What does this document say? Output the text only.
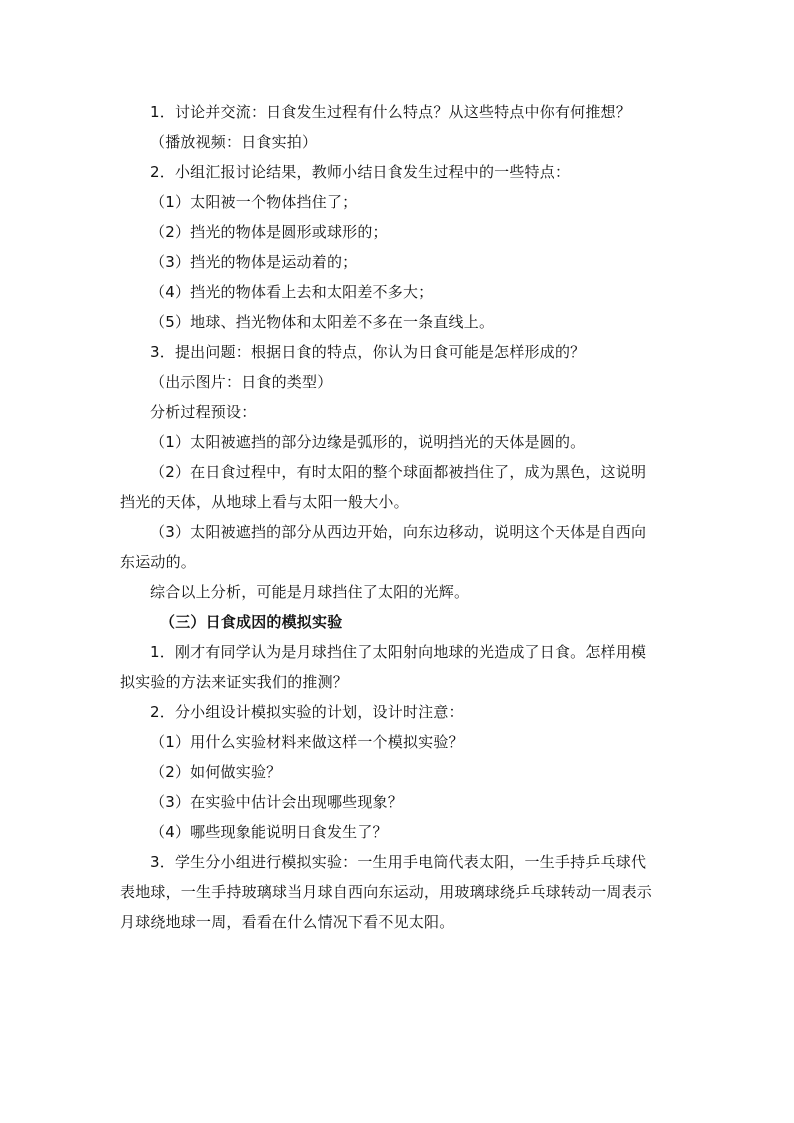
1．讨论并交流：日食发生过程有什么特点？从这些特点中你有何推想？

（播放视频：日食实拍）

2．小组汇报讨论结果，教师小结日食发生过程中的一些特点：

（1）太阳被一个物体挡住了；

（2）挡光的物体是圆形或球形的；

（3）挡光的物体是运动着的；

（4）挡光的物体看上去和太阳差不多大；

（5）地球、挡光物体和太阳差不多在一条直线上。

3．提出问题：根据日食的特点，你认为日食可能是怎样形成的？

（出示图片：日食的类型）

分析过程预设：

（1）太阳被遮挡的部分边缘是弧形的，说明挡光的天体是圆的。

（2）在日食过程中，有时太阳的整个球面都被挡住了，成为黑色，这说明

挡光的天体，从地球上看与太阳一般大小。

（3）太阳被遮挡的部分从西边开始，向东边移动，说明这个天体是自西向

东运动的。

综合以上分析，可能是月球挡住了太阳的光辉。

（三）日食成因的模拟实验

1．刚才有同学认为是月球挡住了太阳射向地球的光造成了日食。怎样用模

拟实验的方法来证实我们的推测？

2．分小组设计模拟实验的计划，设计时注意：

（1）用什么实验材料来做这样一个模拟实验？

（2）如何做实验？

（3）在实验中估计会出现哪些现象？

（4）哪些现象能说明日食发生了？

3．学生分小组进行模拟实验：一生用手电筒代表太阳，一生手持乒乓球代

表地球，一生手持玻璃球当月球自西向东运动，用玻璃球绕乒乓球转动一周表示

月球绕地球一周，看看在什么情况下看不见太阳。
